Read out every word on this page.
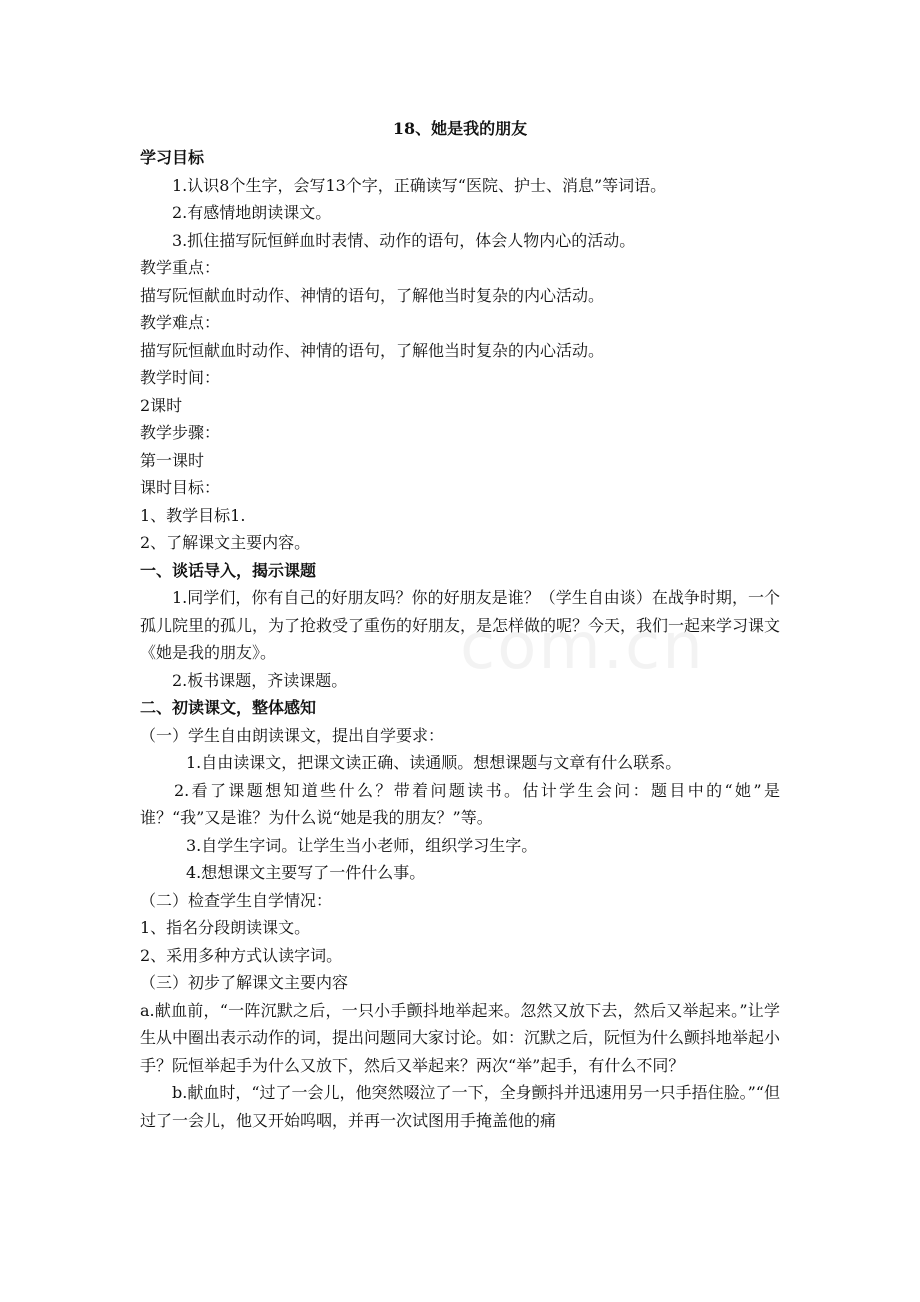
18、她是我的朋友

学习目标

1.认识8个生字，会写13个字，正确读写“医院、护士、消息”等词语。

2.有感情地朗读课文。

3.抓住描写阮恒鲜血时表情、动作的语句，体会人物内心的活动。

教学重点：

描写阮恒献血时动作、神情的语句，了解他当时复杂的内心活动。

教学难点：

描写阮恒献血时动作、神情的语句，了解他当时复杂的内心活动。

教学时间：

2课时

教学步骤：

第一课时

课时目标：

1、教学目标1.

2、了解课文主要内容。

一、谈话导入，揭示课题

1.同学们，你有自己的好朋友吗？你的好朋友是谁？（学生自由谈）在战争时期，一个孤儿院里的孤儿，为了抢救受了重伤的好朋友，是怎样做的呢？今天，我们一起来学习课文《她是我的朋友》。

2.板书课题，齐读课题。

二、初读课文，整体感知

（一）学生自由朗读课文，提出自学要求：

1.自由读课文，把课文读正确、读通顺。想想课题与文章有什么联系。

2.看了课题想知道些什么？带着问题读书。估计学生会问：题目中的“她”是谁？“我”又是谁？为什么说“她是我的朋友？”等。

3.自学生字词。让学生当小老师，组织学习生字。

4.想想课文主要写了一件什么事。

（二）检查学生自学情况：

1、指名分段朗读课文。

2、采用多种方式认读字词。

（三）初步了解课文主要内容

a.献血前，“一阵沉默之后，一只小手颤抖地举起来。忽然又放下去，然后又举起来。”让学生从中圈出表示动作的词，提出问题同大家讨论。如：沉默之后，阮恒为什么颤抖地举起小手？阮恒举起手为什么又放下，然后又举起来？两次“举”起手，有什么不同？

b.献血时，“过了一会儿，他突然啜泣了一下，全身颤抖并迅速用另一只手捂住脸。”“但过了一会儿，他又开始呜咽，并再一次试图用手掩盖他的痛
